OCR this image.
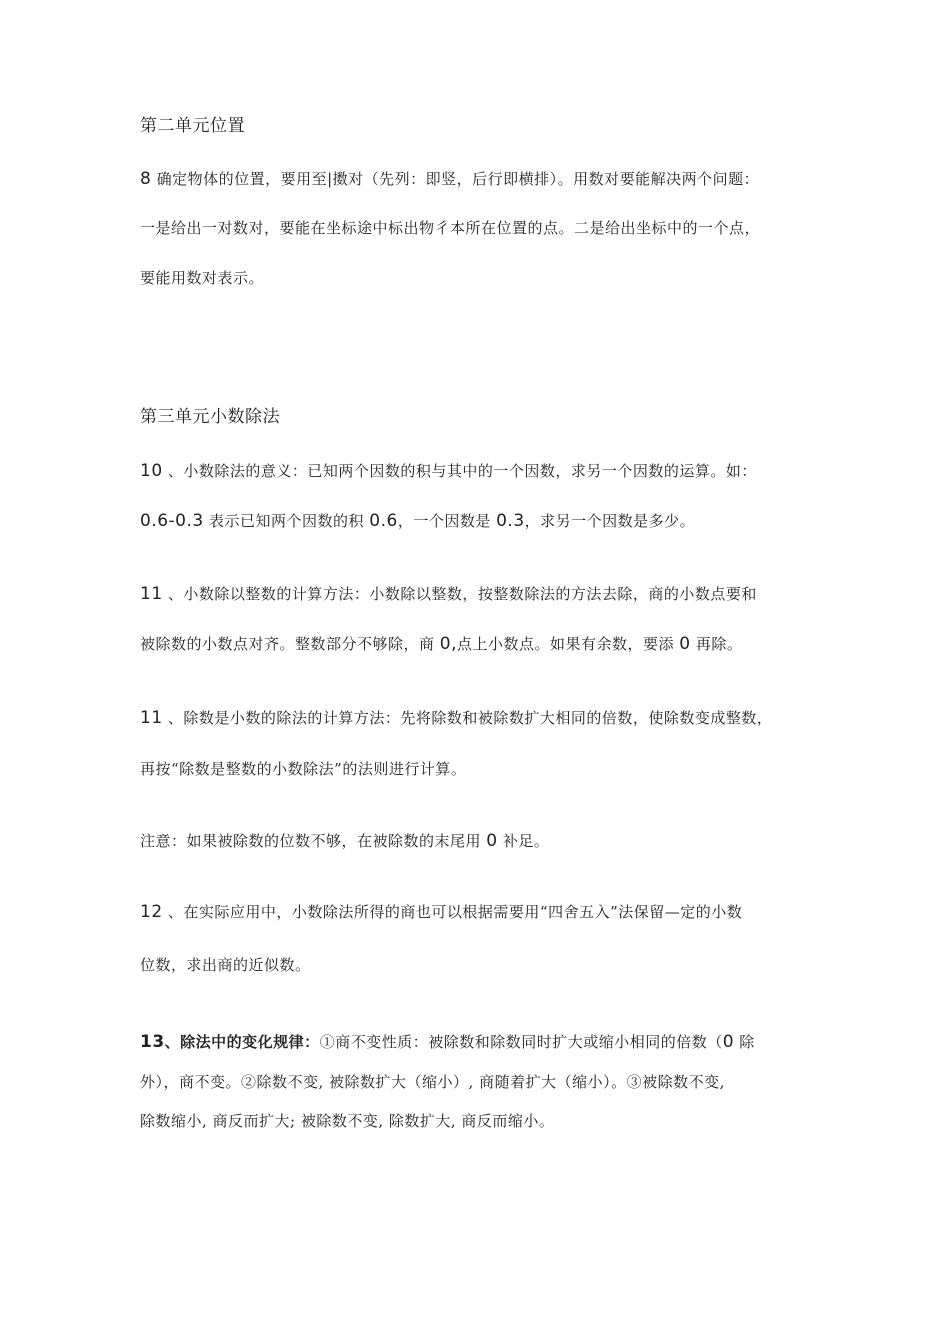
第二单元位置
8 确定物体的位置，要用至|擞对（先列：即竖，后行即横排）。用数对要能解决两个问题：
一是给出一对数对，要能在坐标途中标出物彳本所在位置的点。二是给出坐标中的一个点，
要能用数对表示。
第三单元小数除法
10 、小数除法的意义：已知两个因数的积与其中的一个因数，求另一个因数的运算。如：
0.6-0.3 表示已知两个因数的积 0.6，一个因数是 0.3，求另一个因数是多少。
11 、小数除以整数的计算方法：小数除以整数，按整数除法的方法去除，商的小数点要和
被除数的小数点对齐。整数部分不够除，商 0,点上小数点。如果有余数，要添 0 再除。
11 、除数是小数的除法的计算方法：先将除数和被除数扩大相同的倍数，使除数变成整数，
再按“除数是整数的小数除法”的法则进行计算。
注意：如果被除数的位数不够，在被除数的末尾用 0 补足。
12 、在实际应用中，小数除法所得的商也可以根据需要用“四舍五入”法保留—定的小数
位数，求出商的近似数。
13、除法中的变化规律：①商不变性质：被除数和除数同时扩大或缩小相同的倍数（0 除
外），商不变。②除数不变, 被除数扩大（缩小）, 商随着扩大（缩小）。③被除数不变,
除数缩小, 商反而扩大; 被除数不变, 除数扩大, 商反而缩小。
